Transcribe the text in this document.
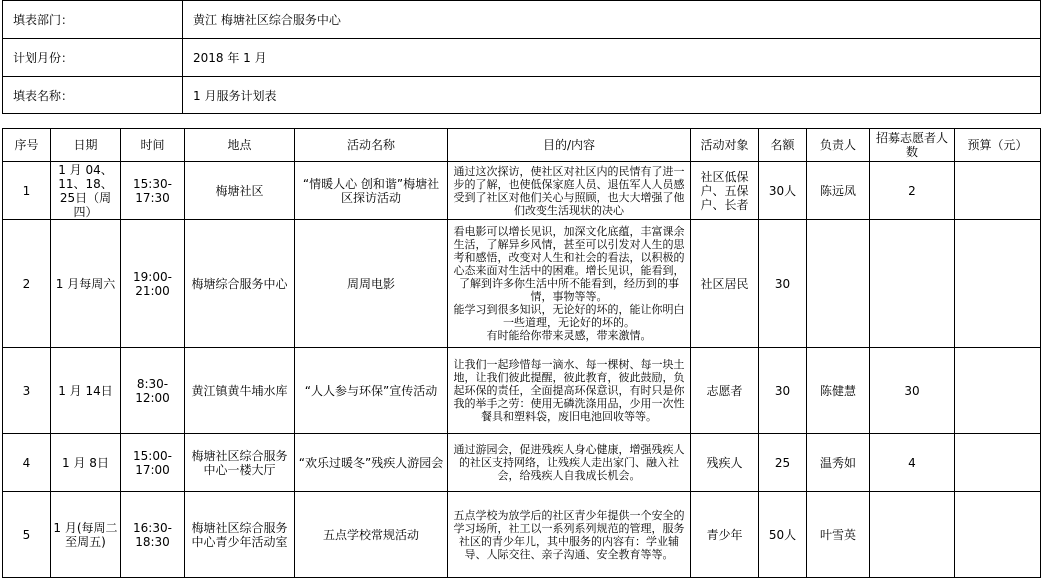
填表部门：	黄江 梅塘社区综合服务中心
计划月份：	2018 年 1 月
填表名称：	1 月服务计划表
序号	日期	时间	地点	活动名称	目的/内容	活动对象	名额	负责人	招募志愿者人数	预算（元）
1	1 月 04、11、18、25日（周四）	15:30-17:30	梅塘社区	“情暖人心 创和谐”梅塘社区探访活动	通过这次探访，使社区对社区内的民情有了进一步的了解，也使低保家庭人员、退伍军人人员感受到了社区对他们关心与照顾，也大大增强了他们改变生活现状的决心	社区低保户、五保户、长者	30人	陈远凤	2	
2	1 月每周六	19:00-21:00	梅塘综合服务中心	周周电影	看电影可以增长见识，加深文化底蕴，丰富课余生活，了解异乡风情，甚至可以引发对人生的思考和感悟，改变对人生和社会的看法，以积极的心态来面对生活中的困难。增长见识，能看到，了解到许多你生活中所不能看到，经历到的事情，事物等等。
能学习到很多知识，无论好的坏的，能让你明白一些道理，无论好的坏的。
有时能给你带来灵感，带来激情。	社区居民	30			
3	1 月 14日	8:30-12:00	黄江镇黄牛埔水库	“人人参与环保”宣传活动	让我们一起珍惜每一滴水、每一棵树、每一块土地，让我们彼此提醒，彼此教育，彼此鼓励，负起环保的责任，全面提高环保意识，有时只是你我的举手之劳：使用无磷洗涤用品，少用一次性餐具和塑料袋，废旧电池回收等等。	志愿者	30	陈健慧	30	
4	1 月 8日	15:00-17:00	梅塘社区综合服务中心一楼大厅	“欢乐过暖冬”残疾人游园会	通过游园会，促进残疾人身心健康，增强残疾人的社区支持网络，让残疾人走出家门、融入社会，给残疾人自我成长机会。	残疾人	25	温秀如	4	
5	1 月(每周二至周五)	16:30-18:30	梅塘社区综合服务中心青少年活动室	五点学校常规活动	五点学校为放学后的社区青少年提供一个安全的学习场所，社工以一系列系列规范的管理，服务社区的青少年儿，其中服务的内容有：学业辅导、人际交往、亲子沟通、安全教育等等。	青少年	50人	叶雪英		
